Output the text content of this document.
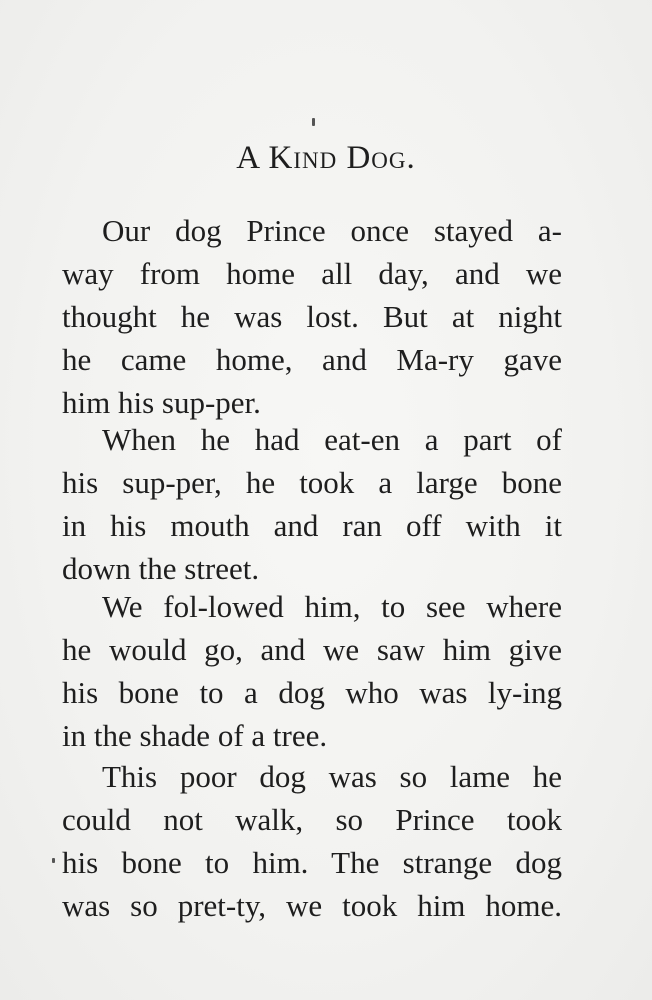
A Kind Dog.
Our dog Prince once stayed a-
way from home all day, and we
thought he was lost. But at night
he came home, and Ma-ry gave
him his sup-per.
When he had eat-en a part of
his sup-per, he took a large bone
in his mouth and ran off with it
down the street.
We fol-lowed him, to see where
he would go, and we saw him give
his bone to a dog who was ly-ing
in the shade of a tree.
This poor dog was so lame he
could not walk, so Prince took
his bone to him. The strange dog
was so pret-ty, we took him home.
